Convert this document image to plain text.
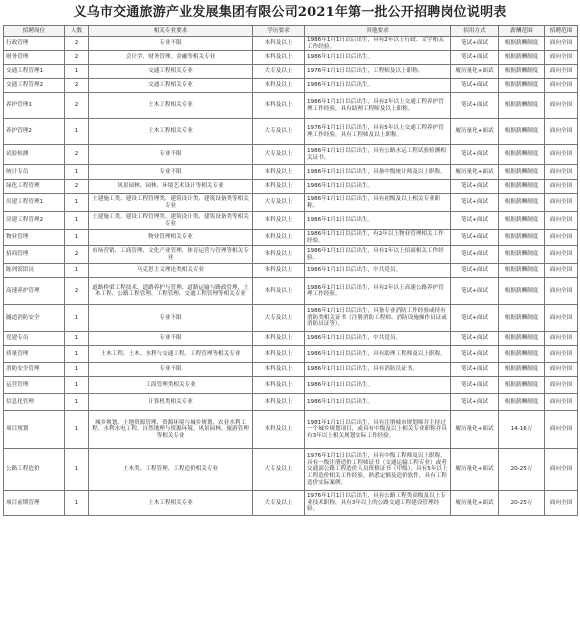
义乌市交通旅游产业发展集团有限公司2021年第一批公开招聘岗位说明表
招聘岗位	人数	相关专业要求	学历要求	其他要求	招用方式	薪酬范围	招聘范围
行政管理	2	专业不限	本科及以上	1986年1月1日以后出生，具有2年以上行政、文字相关工作经验。	笔试+面试	根据薪酬制度	面向全国
财务管理	2	会计学、财务管理、金融等相关专业	本科及以上	1986年1月1日以后出生。	笔试+面试	根据薪酬制度	面向全国
交通工程管理1	1	交通工程相关专业	大专及以上	1976年1月1日以后出生，工程师及以上职称。	履历量化+面试	根据薪酬制度	面向全国
交通工程管理2	2	交通工程相关专业	本科及以上	1986年1月1日以后出生。	笔试+面试	根据薪酬制度	面向全国
养护管理1	2	土木工程相关专业	本科及以上	1986年1月1日以后出生，具有2年以上交通工程养护管理工作经验，具有助理工程师及以上职称。	笔试+面试	根据薪酬制度	面向全国
养护管理2	1	土木工程相关专业	大专及以上	1976年1月1日以后出生，具有5年以上交通工程养护管理工作经验，具有工程师及以上职称。	履历量化+面试	根据薪酬制度	面向全国
试验检测	2	专业不限	大专及以上	1986年1月1日以后出生，具有公路水运工程试验检测相关证书。	笔试+面试	根据薪酬制度	面向全国
统计专员	1	专业不限	本科及以上	1986年1月1日以后出生，具备中级统计师及以上职称。	履历量化+面试	根据薪酬制度	面向全国
绿化工程管理	2	风景园林、园林、环境艺术设计等相关专业	本科及以上	1986年1月1日以后出生。	笔试+面试	根据薪酬制度	面向全国
房建工程管理1	1	土建施工类、建设工程管理类、建筑设计类、建筑设备类等相关专业	大专及以上	1986年1月1日以后出生，具有初级及以上相关专业职称。	笔试+面试	根据薪酬制度	面向全国
房建工程管理2	1	土建施工类、建设工程管理类、建筑设计类、建筑设备类等相关专业	本科及以上	1986年1月1日以后出生。	笔试+面试	根据薪酬制度	面向全国
物业管理	1	物业管理相关专业	本科及以上	1986年1月1日以后出生，有2年以上物业管理相关工作经验。	笔试+面试	根据薪酬制度	面向全国
招商管理	2	市场营销、工商管理、文化产业管理、体育运营与管理等相关专业	本科及以上	1986年1月1日以后出生，具有1年以上招商相关工作经验。	笔试+面试	根据薪酬制度	面向全国
陈列馆馆员	1	马克思主义理论类相关专业	本科及以上	1986年1月1日以后出生，中共党员。	笔试+面试	根据薪酬制度	面向全国
高速养护管理	2	道路桥梁工程技术、道路养护与管理、道路运输与路政管理、土木工程、公路工程管理、工程管理、交通工程管理等相关专业	本科及以上	1986年1月1日以后出生，具有2年以上高速公路养护管理工作经验。	笔试+面试	根据薪酬制度	面向全国
隧道消防安全	1	专业不限	大专及以上	1986年1月1日以后出生，具备专业消防工作经验或持有消防类相关证书（注册消防工程师、消防设施操作员证或消防员证等）。	笔试+面试	根据薪酬制度	面向全国
党建专员	1	专业不限	本科及以上	1986年1月1日以后出生，中共党员。	笔试+面试	根据薪酬制度	面向全国
质量管理	1	土木工程、土木、水利与交通工程、工程管理等相关专业	本科及以上	1986年1月1日以后出生，具有助理工程师及以上职称。	笔试+面试	根据薪酬制度	面向全国
消防安全管理	1	专业不限	本科及以上	1986年1月1日以后出生，具有消防员证书。	笔试+面试	根据薪酬制度	面向全国
运营管理	1	工商管理类相关专业	本科及以上	1986年1月1日以后出生。	笔试+面试	根据薪酬制度	面向全国
信息化管理	1	计算机类相关专业	本科及以上	1986年1月1日以后出生。	笔试+面试	根据薪酬制度	面向全国
项目规划	1	城乡规划、土地资源管理、资源环境与城乡规划、农业水利工程、水利水电工程、自然地理与资源环境、风景园林、旅游管理等相关专业	本科及以上	1981年1月1日以后出生，具有注册城市规划师并主持过一个城乡规划项目，或具有中级及以上相关专业职称并具有3年以上相关规划实际工作经验。	履历量化+面试	14-16万	面向全国
公路工程造价	1	土木类、工程管理、工程造价相关专业	大专及以上	1976年1月1日以后出生，具有中级工程师及以上职称，具有一级注册造价工程师证书（交通运输工程专业）或者交通部公路工程造价人员资格证书（甲级），具有5年以上工程造价相关工作经验，熟悉定额及造价软件，具有工程造价实际案例。	履历量化+面试	20-25万	面向全国
项目前期管理	1	土木工程相关专业	大专及以上	1976年1月1日以后出生，具有公路工程类高级及以上专业技术职称，具有3年以上的公路交通工程建设管理经验。	履历量化+面试	20-25万	面向全国
